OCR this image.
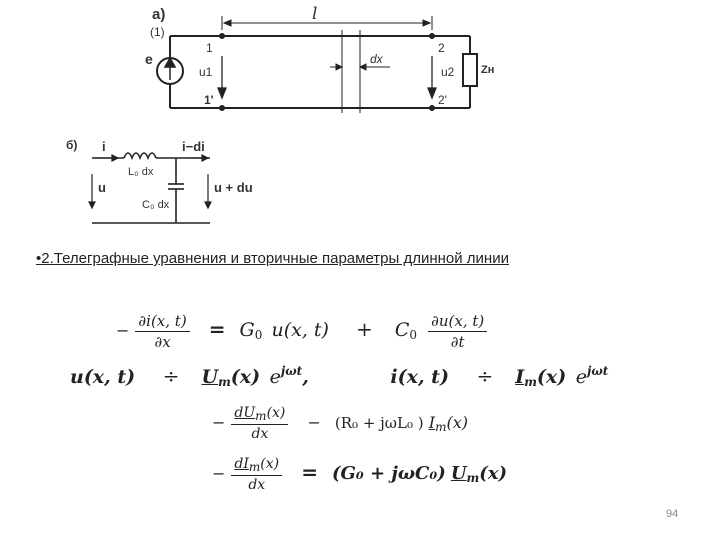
а)
(1)
e
1
1'
2
2'
u1	u2
l
dx
Zн
б) i	i−di
L₀ dx
C₀ dx
u	u + du
•2.Телеграфные уравнения и вторичные параметры длинной линии
− $\frac{\partial i(x, t)}{\partial x} = G_0$ u(x, $t) + C_0 \frac{\partial u(x, t)}{\partial t}$
u(x, $t) \div U_m(x)$ $e^{j\omega t}$,	i(x, $t) \div I_m(x)$ $e^{j\omega t}$
− $\frac{\text{dUm(x)}}{dx} - (R_0 + j\omega L_0$ ) $I_m(x)$
− $\frac{\text{dIm(x)}}{dx} = (G_0 + j\omega C_0)$ $U_m(x)$
94
